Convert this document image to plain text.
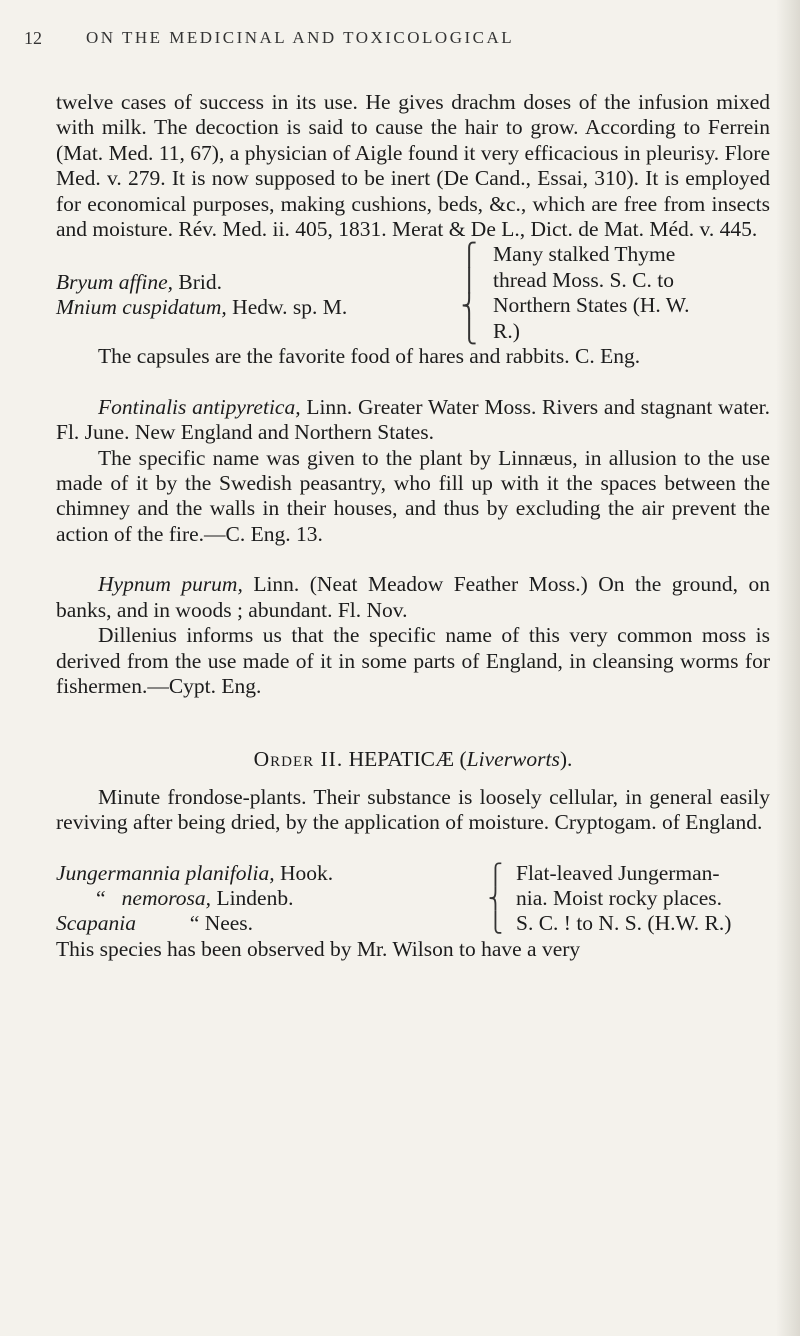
12	ON THE MEDICINAL AND TOXICOLOGICAL

twelve cases of success in its use. He gives drachm doses of the infusion mixed with milk. The decoction is said to cause the hair to grow. According to Ferrein (Mat. Med. 11, 67), a physician of Aigle found it very efficacious in pleurisy. Flore Med. v. 279. It is now supposed to be inert (De Cand., Essai, 310). It is employed for economical purposes, making cushions, beds, &c., which are free from insects and moisture. Rév. Med. ii. 405, 1831. Merat & De L., Dict. de Mat. Méd. v. 445.

Bryum affine, Brid.
Mnium cuspidatum, Hedw. sp. M.
⎧
⎪
⎨
⎩
Many stalked Thyme
thread Moss. S. C. to
Northern States (H. W.
R.)

The capsules are the favorite food of hares and rabbits. C. Eng.

Fontinalis antipyretica, Linn. Greater Water Moss. Rivers and stagnant water. Fl. June. New England and Northern States.

The specific name was given to the plant by Linnæus, in allusion to the use made of it by the Swedish peasantry, who fill up with it the spaces between the chimney and the walls in their houses, and thus by excluding the air prevent the action of the fire.—C. Eng. 13.

Hypnum purum, Linn. (Neat Meadow Feather Moss.) On the ground, on banks, and in woods ; abundant. Fl. Nov.

Dillenius informs us that the specific name of this very common moss is derived from the use made of it in some parts of England, in cleansing worms for fishermen.—Cypt. Eng.

Order II. HEPATICÆ (Liverworts).

Minute frondose-plants. Their substance is loosely cellular, in general easily reviving after being dried, by the application of moisture. Cryptogam. of England.

Jungermannia planifolia, Hook.
“ nemorosa, Lindenb.
Scapania	“ Nees.
⎧
⎨
⎩
Flat-leaved Jungerman-
nia. Moist rocky places.
S. C. ! to N. S. (H.W. R.)

This species has been observed by Mr. Wilson to have a very
